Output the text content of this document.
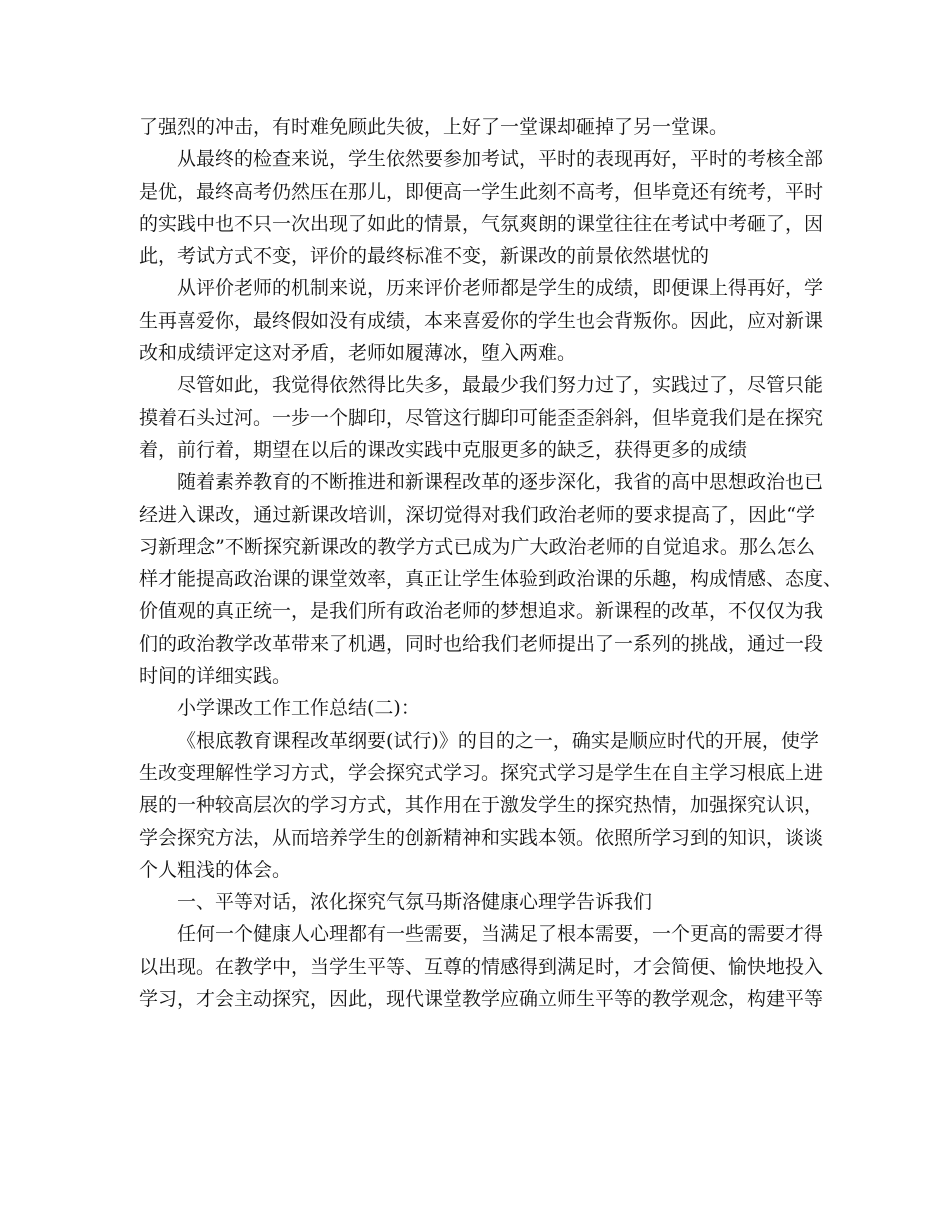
了强烈的冲击，有时难免顾此失彼，上好了一堂课却砸掉了另一堂课。
从最终的检查来说，学生依然要参加考试，平时的表现再好，平时的考核全部
是优，最终高考仍然压在那儿，即便高一学生此刻不高考，但毕竟还有统考，平时
的实践中也不只一次出现了如此的情景，气氛爽朗的课堂往往在考试中考砸了，因
此，考试方式不变，评价的最终标准不变，新课改的前景依然堪忧的
从评价老师的机制来说，历来评价老师都是学生的成绩，即便课上得再好，学
生再喜爱你，最终假如没有成绩，本来喜爱你的学生也会背叛你。因此，应对新课
改和成绩评定这对矛盾，老师如履薄冰，堕入两难。
尽管如此，我觉得依然得比失多，最最少我们努力过了，实践过了，尽管只能
摸着石头过河。一步一个脚印，尽管这行脚印可能歪歪斜斜，但毕竟我们是在探究
着，前行着，期望在以后的课改实践中克服更多的缺乏，获得更多的成绩
随着素养教育的不断推进和新课程改革的逐步深化，我省的高中思想政治也已
经进入课改，通过新课改培训，深切觉得对我们政治老师的要求提高了，因此“学
习新理念”不断探究新课改的教学方式已成为广大政治老师的自觉追求。那么怎么
样才能提高政治课的课堂效率，真正让学生体验到政治课的乐趣，构成情感、态度、
价值观的真正统一，是我们所有政治老师的梦想追求。新课程的改革，不仅仅为我
们的政治教学改革带来了机遇，同时也给我们老师提出了一系列的挑战，通过一段
时间的详细实践。
小学课改工作工作总结(二)：
《根底教育课程改革纲要(试行)》的目的之一，确实是顺应时代的开展，使学
生改变理解性学习方式，学会探究式学习。探究式学习是学生在自主学习根底上进
展的一种较高层次的学习方式，其作用在于激发学生的探究热情，加强探究认识，
学会探究方法，从而培养学生的创新精神和实践本领。依照所学习到的知识，谈谈
个人粗浅的体会。
一、平等对话，浓化探究气氛马斯洛健康心理学告诉我们
任何一个健康人心理都有一些需要，当满足了根本需要，一个更高的需要才得
以出现。在教学中，当学生平等、互尊的情感得到满足时，才会简便、愉快地投入
学习，才会主动探究，因此，现代课堂教学应确立师生平等的教学观念，构建平等
